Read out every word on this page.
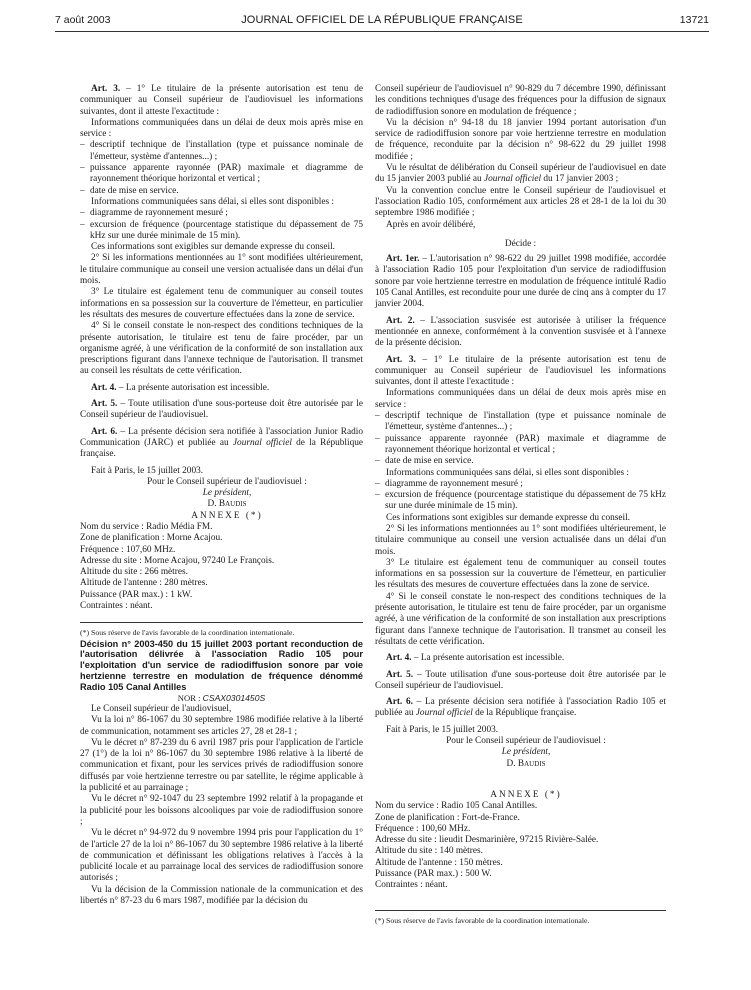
7 août 2003	JOURNAL OFFICIEL DE LA RÉPUBLIQUE FRANÇAISE	13721

Art. 3. – 1° Le titulaire de la présente autorisation est tenu de communiquer au Conseil supérieur de l'audiovisuel les informations suivantes, dont il atteste l'exactitude :

Informations communiquées dans un délai de deux mois après mise en service :

– descriptif technique de l'installation (type et puissance nominale de l'émetteur, système d'antennes...) ;

– puissance apparente rayonnée (PAR) maximale et diagramme de rayonnement théorique horizontal et vertical ;

– date de mise en service.

Informations communiquées sans délai, si elles sont disponibles :

– diagramme de rayonnement mesuré ;

– excursion de fréquence (pourcentage statistique du dépassement de 75 kHz sur une durée minimale de 15 min).

Ces informations sont exigibles sur demande expresse du conseil.

2° Si les informations mentionnées au 1° sont modifiées ultérieurement, le titulaire communique au conseil une version actualisée dans un délai d'un mois.

3° Le titulaire est également tenu de communiquer au conseil toutes informations en sa possession sur la couverture de l'émetteur, en particulier les résultats des mesures de couverture effectuées dans la zone de service.

4° Si le conseil constate le non-respect des conditions techniques de la présente autorisation, le titulaire est tenu de faire procéder, par un organisme agréé, à une vérification de la conformité de son installation aux prescriptions figurant dans l'annexe technique de l'autorisation. Il transmet au conseil les résultats de cette vérification.

Art. 4. – La présente autorisation est incessible.

Art. 5. – Toute utilisation d'une sous-porteuse doit être autorisée par le Conseil supérieur de l'audiovisuel.

Art. 6. – La présente décision sera notifiée à l'association Junior Radio Communication (JARC) et publiée au Journal officiel de la République française.

Fait à Paris, le 15 juillet 2003.

Pour le Conseil supérieur de l'audiovisuel :

Le président,

D. Baudis

ANNEXE (*)

Nom du service : Radio Média FM.

Zone de planification : Morne Acajou.

Fréquence : 107,60 MHz.

Adresse du site : Morne Acajou, 97240 Le François.

Altitude du site : 266 mètres.

Altitude de l'antenne : 280 mètres.

Puissance (PAR max.) : 1 kW.

Contraintes : néant.

(*) Sous réserve de l'avis favorable de la coordination internationale.

Décision n° 2003-450 du 15 juillet 2003 portant reconduction de l'autorisation délivrée à l'association Radio 105 pour l'exploitation d'un service de radiodiffusion sonore par voie hertzienne terrestre en modulation de fréquence dénommé Radio 105 Canal Antilles

NOR : CSAX0301450S

Le Conseil supérieur de l'audiovisuel,

Vu la loi n° 86-1067 du 30 septembre 1986 modifiée relative à la liberté de communication, notamment ses articles 27, 28 et 28-1 ;

Vu le décret n° 87-239 du 6 avril 1987 pris pour l'application de l'article 27 (1°) de la loi n° 86-1067 du 30 septembre 1986 relative à la liberté de communication et fixant, pour les services privés de radiodiffusion sonore diffusés par voie hertzienne terrestre ou par satellite, le régime applicable à la publicité et au parrainage ;

Vu le décret n° 92-1047 du 23 septembre 1992 relatif à la propagande et la publicité pour les boissons alcooliques par voie de radiodiffusion sonore ;

Vu le décret n° 94-972 du 9 novembre 1994 pris pour l'application du 1° de l'article 27 de la loi n° 86-1067 du 30 septembre 1986 relative à la liberté de communication et définissant les obligations relatives à l'accès à la publicité locale et au parrainage local des services de radiodiffusion sonore autorisés ;

Vu la décision de la Commission nationale de la communication et des libertés n° 87-23 du 6 mars 1987, modifiée par la décision du

Conseil supérieur de l'audiovisuel n° 90-829 du 7 décembre 1990, définissant les conditions techniques d'usage des fréquences pour la diffusion de signaux de radiodiffusion sonore en modulation de fréquence ;

Vu la décision n° 94-18 du 18 janvier 1994 portant autorisation d'un service de radiodiffusion sonore par voie hertzienne terrestre en modulation de fréquence, reconduite par la décision n° 98-622 du 29 juillet 1998 modifiée ;

Vu le résultat de délibération du Conseil supérieur de l'audiovisuel en date du 15 janvier 2003 publié au Journal officiel du 17 janvier 2003 ;

Vu la convention conclue entre le Conseil supérieur de l'audiovisuel et l'association Radio 105, conformément aux articles 28 et 28-1 de la loi du 30 septembre 1986 modifiée ;

Après en avoir délibéré,

Décide :

Art. 1er. – L'autorisation n° 98-622 du 29 juillet 1998 modifiée, accordée à l'association Radio 105 pour l'exploitation d'un service de radiodiffusion sonore par voie hertzienne terrestre en modulation de fréquence intitulé Radio 105 Canal Antilles, est reconduite pour une durée de cinq ans à compter du 17 janvier 2004.

Art. 2. – L'association susvisée est autorisée à utiliser la fréquence mentionnée en annexe, conformément à la convention susvisée et à l'annexe de la présente décision.

Art. 3. – 1° Le titulaire de la présente autorisation est tenu de communiquer au Conseil supérieur de l'audiovisuel les informations suivantes, dont il atteste l'exactitude :

Informations communiquées dans un délai de deux mois après mise en service :

– descriptif technique de l'installation (type et puissance nominale de l'émetteur, système d'antennes...) ;

– puissance apparente rayonnée (PAR) maximale et diagramme de rayonnement théorique horizontal et vertical ;

– date de mise en service.

Informations communiquées sans délai, si elles sont disponibles :

– diagramme de rayonnement mesuré ;

– excursion de fréquence (pourcentage statistique du dépassement de 75 kHz sur une durée minimale de 15 min).

Ces informations sont exigibles sur demande expresse du conseil.

2° Si les informations mentionnées au 1° sont modifiées ultérieurement, le titulaire communique au conseil une version actualisée dans un délai d'un mois.

3° Le titulaire est également tenu de communiquer au conseil toutes informations en sa possession sur la couverture de l'émetteur, en particulier les résultats des mesures de couverture effectuées dans la zone de service.

4° Si le conseil constate le non-respect des conditions techniques de la présente autorisation, le titulaire est tenu de faire procéder, par un organisme agréé, à une vérification de la conformité de son installation aux prescriptions figurant dans l'annexe technique de l'autorisation. Il transmet au conseil les résultats de cette vérification.

Art. 4. – La présente autorisation est incessible.

Art. 5. – Toute utilisation d'une sous-porteuse doit être autorisée par le Conseil supérieur de l'audiovisuel.

Art. 6. – La présente décision sera notifiée à l'association Radio 105 et publiée au Journal officiel de la République française.

Fait à Paris, le 15 juillet 2003.

Pour le Conseil supérieur de l'audiovisuel :

Le président,

D. Baudis

ANNEXE (*)

Nom du service : Radio 105 Canal Antilles.

Zone de planification : Fort-de-France.

Fréquence : 100,60 MHz.

Adresse du site : lieudit Desmarinière, 97215 Rivière-Salée.

Altitude du site : 140 mètres.

Altitude de l'antenne : 150 mètres.

Puissance (PAR max.) : 500 W.

Contraintes : néant.

(*) Sous réserve de l'avis favorable de la coordination internationale.
